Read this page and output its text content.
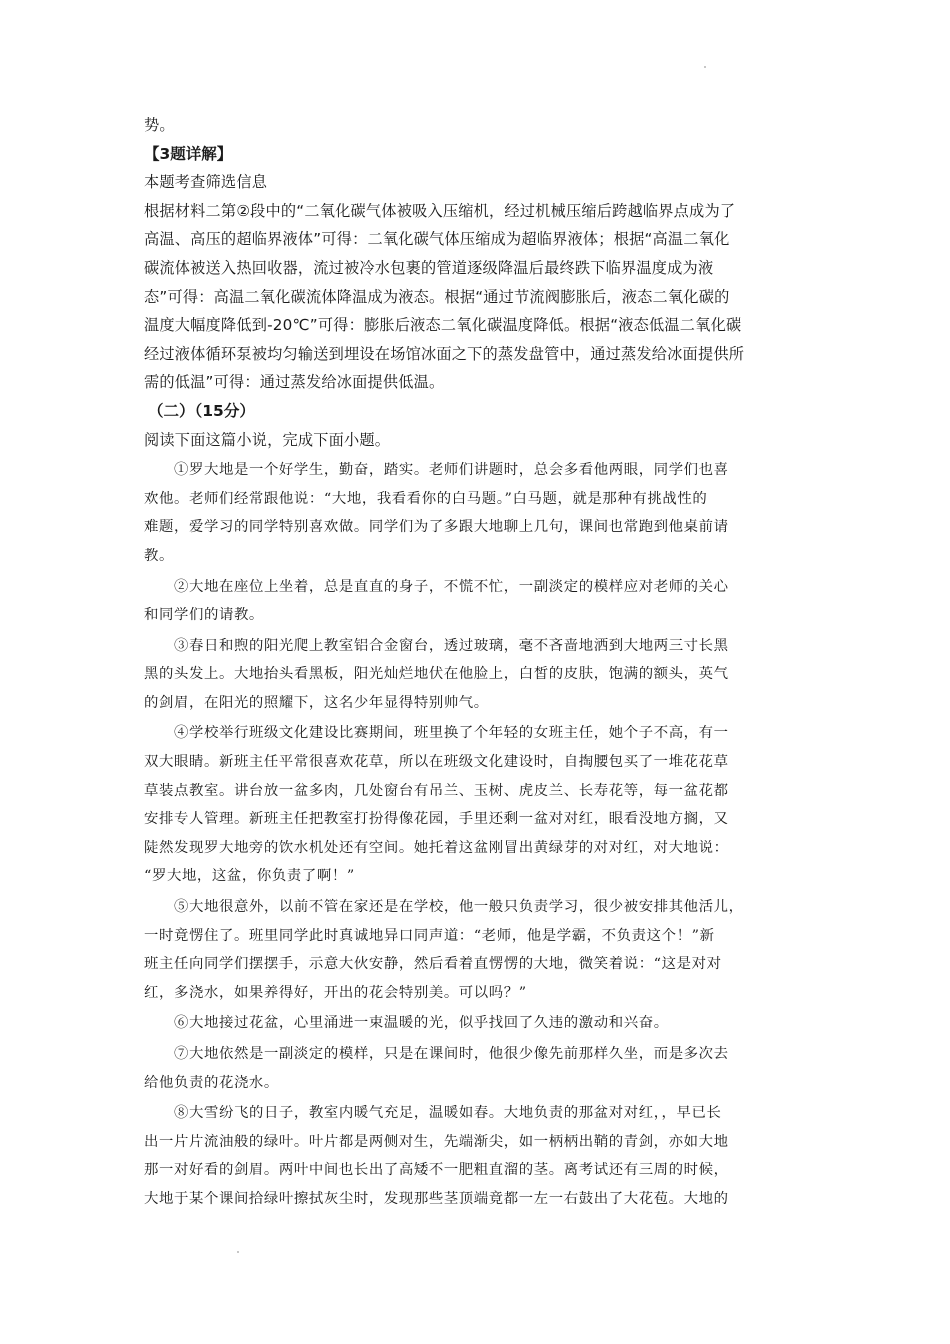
势。

【3题详解】

本题考查筛选信息

根据材料二第②段中的“二氧化碳气体被吸入压缩机，经过机械压缩后跨越临界点成为了

高温、高压的超临界液体”可得：二氧化碳气体压缩成为超临界液体；根据“高温二氧化

碳流体被送入热回收器，流过被冷水包裹的管道逐级降温后最终跌下临界温度成为液

态”可得：高温二氧化碳流体降温成为液态。根据“通过节流阀膨胀后，液态二氧化碳的

温度大幅度降低到-20℃”可得：膨胀后液态二氧化碳温度降低。根据“液态低温二氧化碳

经过液体循环泵被均匀输送到埋设在场馆冰面之下的蒸发盘管中，通过蒸发给冰面提供所

需的低温”可得：通过蒸发给冰面提供低温。

（二）（15分）

阅读下面这篇小说，完成下面小题。

①罗大地是一个好学生，勤奋，踏实。老师们讲题时，总会多看他两眼，同学们也喜

欢他。老师们经常跟他说：“大地，我看看你的白马题。”白马题，就是那种有挑战性的

难题，爱学习的同学特别喜欢做。同学们为了多跟大地聊上几句，课间也常跑到他桌前请

教。

②大地在座位上坐着，总是直直的身子，不慌不忙，一副淡定的模样应对老师的关心

和同学们的请教。

③春日和煦的阳光爬上教室铝合金窗台，透过玻璃，毫不吝啬地洒到大地两三寸长黑

黑的头发上。大地抬头看黑板，阳光灿烂地伏在他脸上，白皙的皮肤，饱满的额头，英气

的剑眉，在阳光的照耀下，这名少年显得特别帅气。

④学校举行班级文化建设比赛期间，班里换了个年轻的女班主任，她个子不高，有一

双大眼睛。新班主任平常很喜欢花草，所以在班级文化建设时，自掏腰包买了一堆花花草

草装点教室。讲台放一盆多肉，几处窗台有吊兰、玉树、虎皮兰、长寿花等，每一盆花都

安排专人管理。新班主任把教室打扮得像花园，手里还剩一盆对对红，眼看没地方搁，又

陡然发现罗大地旁的饮水机处还有空间。她托着这盆刚冒出黄绿芽的对对红，对大地说：

“罗大地，这盆，你负责了啊！”

⑤大地很意外，以前不管在家还是在学校，他一般只负责学习，很少被安排其他活儿，

一时竟愣住了。班里同学此时真诚地异口同声道：“老师，他是学霸，不负责这个！”新

班主任向同学们摆摆手，示意大伙安静，然后看着直愣愣的大地，微笑着说：“这是对对

红，多浇水，如果养得好，开出的花会特别美。可以吗？”

⑥大地接过花盆，心里涌进一束温暖的光，似乎找回了久违的激动和兴奋。

⑦大地依然是一副淡定的模样，只是在课间时，他很少像先前那样久坐，而是多次去

给他负责的花浇水。

⑧大雪纷飞的日子，教室内暖气充足，温暖如春。大地负责的那盆对对红，，早已长

出一片片流油般的绿叶。叶片都是两侧对生，先端渐尖，如一柄柄出鞘的青剑，亦如大地

那一对好看的剑眉。两叶中间也长出了高矮不一肥粗直溜的茎。离考试还有三周的时候，

大地于某个课间拾绿叶擦拭灰尘时，发现那些茎顶端竟都一左一右鼓出了大花苞。大地的
